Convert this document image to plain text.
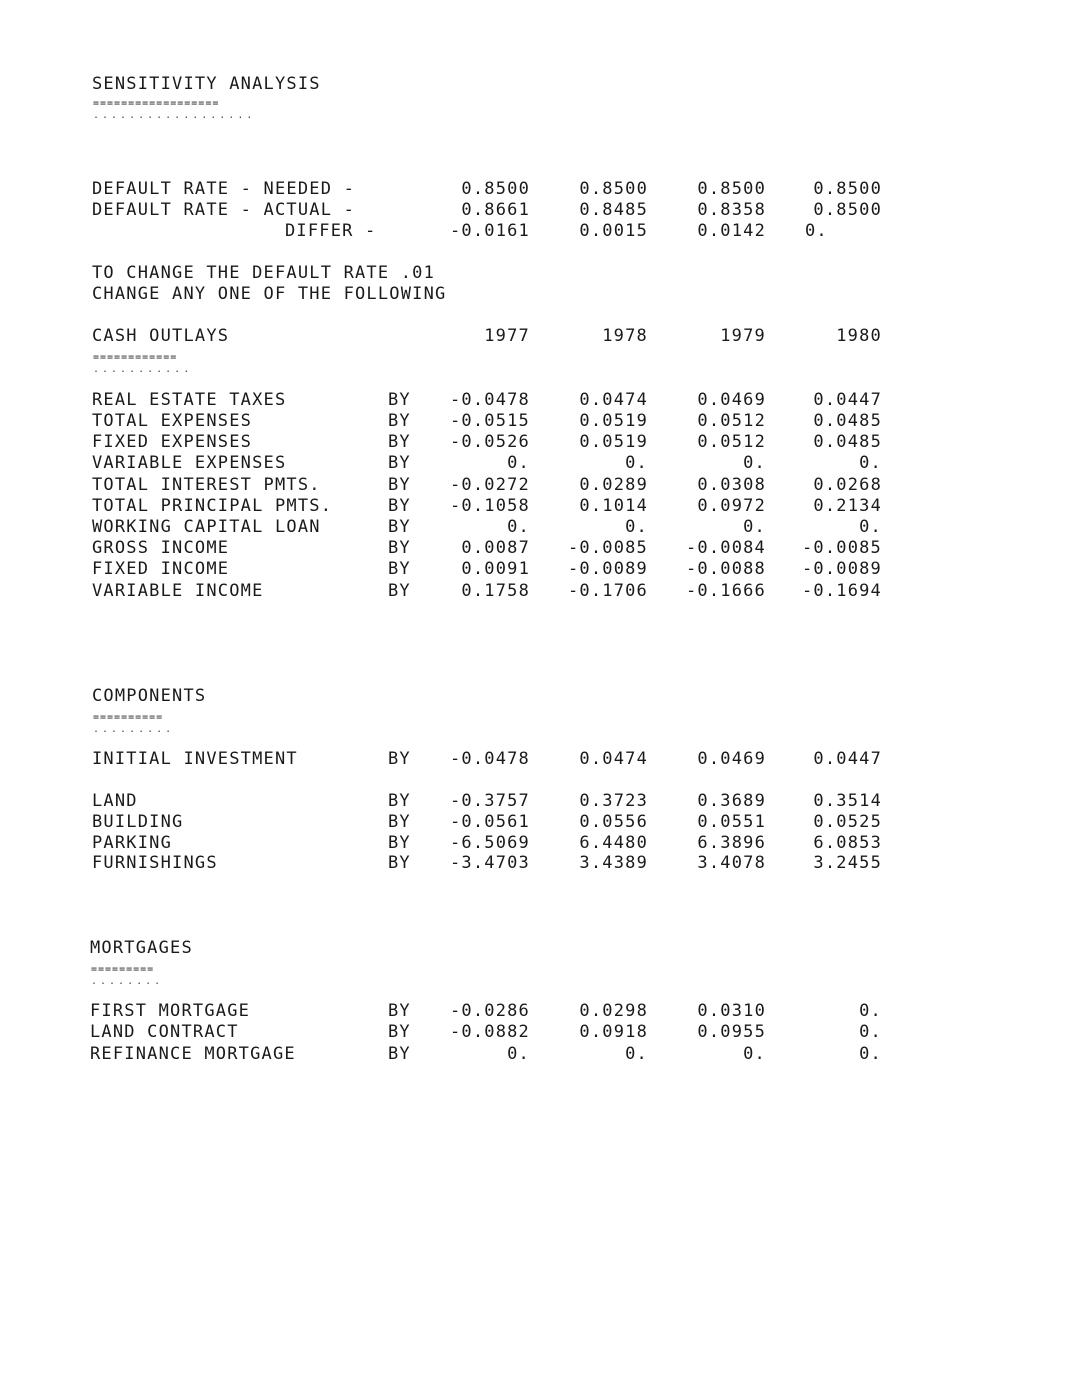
SENSITIVITY ANALYSIS
==================
..................
DEFAULT RATE - NEEDED -	0.8500	0.8500	0.8500	0.8500
DEFAULT RATE - ACTUAL -	0.8661	0.8485	0.8358	0.8500
DIFFER -	-0.0161	0.0015	0.0142 0.
TO CHANGE THE DEFAULT RATE .01
CHANGE ANY ONE OF THE FOLLOWING
CASH OUTLAYS	1977	1978	1979	1980
============
...........
REAL ESTATE TAXES	BY	-0.0478	0.0474	0.0469	0.0447
TOTAL EXPENSES	BY	-0.0515	0.0519	0.0512	0.0485
FIXED EXPENSES	BY	-0.0526	0.0519	0.0512	0.0485
VARIABLE EXPENSES	BY	0.	0.	0.	0.
TOTAL INTEREST PMTS.	BY	-0.0272	0.0289	0.0308	0.0268
TOTAL PRINCIPAL PMTS.	BY	-0.1058	0.1014	0.0972	0.2134
WORKING CAPITAL LOAN	BY	0.	0.	0.	0.
GROSS INCOME	BY	0.0087	-0.0085	-0.0084	-0.0085
FIXED INCOME	BY	0.0091	-0.0089	-0.0088	-0.0089
VARIABLE INCOME	BY	0.1758	-0.1706	-0.1666	-0.1694
COMPONENTS
==========
.........
INITIAL INVESTMENT	BY	-0.0478	0.0474	0.0469	0.0447
LAND	BY	-0.3757	0.3723	0.3689	0.3514
BUILDING	BY	-0.0561	0.0556	0.0551	0.0525
PARKING	BY	-6.5069	6.4480	6.3896	6.0853
FURNISHINGS	BY	-3.4703	3.4389	3.4078	3.2455
MORTGAGES
=========
........
FIRST MORTGAGE	BY	-0.0286	0.0298	0.0310	0.
LAND CONTRACT	BY	-0.0882	0.0918	0.0955	0.
REFINANCE MORTGAGE	BY	0.	0.	0.	0.
